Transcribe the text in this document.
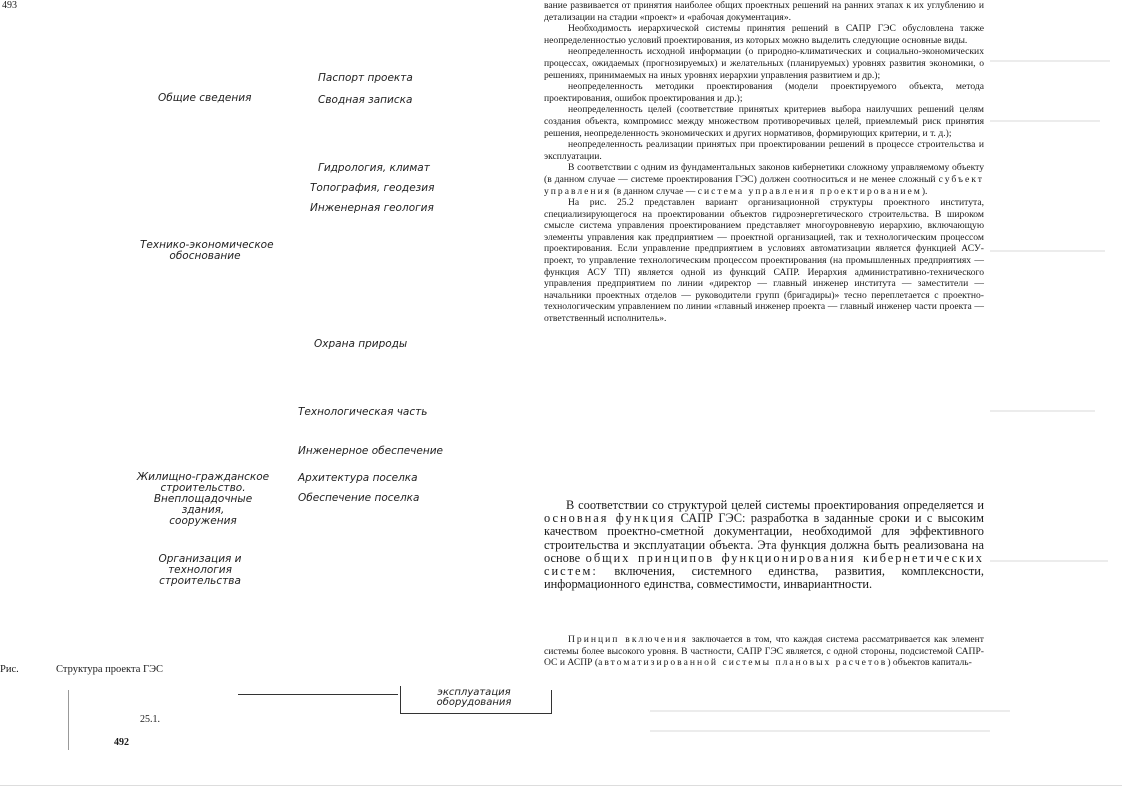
493
Общие сведения
Паспорт проекта
Сводная записка
Гидрология, климат
Топография, геодезия
Инженерная геология
Технико-экономическое
обоснование
Охрана природы
Технологическая часть
Инженерное обеспечение
Жилищно-гражданское
строительство.
Внеплощадочные
здания,
сооружения
Архитектура поселка
Обеспечение поселка
Организация и
технология
строительства
Рис.	Структура проекта ГЭС
эксплуатация
оборудования
25.1.
492

вание развивается от принятия наиболее общих проектных решений на ранних этапах к их углублению и детализации на стадии «проект» и «рабочая документация».

Необходимость иерархической системы принятия решений в САПР ГЭС обусловлена также неопределенностью условий проектирования, из которых можно выделить следующие основные виды.

неопределенность исходной информации (о природно-климатических и социально-экономических процессах, ожидаемых (прогнозируемых) и желательных (планируемых) уровнях развития экономики, о решениях, принимаемых на иных уровнях иерархии управления развитием и др.);

неопределенность методики проектирования (модели проектируемого объекта, метода проектирования, ошибок проектирования и др.);

неопределенность целей (соответствие принятых критериев выбора наилучших решений целям создания объекта, компромисс между множеством противоречивых целей, приемлемый риск принятия решения, неопределенность экономических и других нормативов, формирующих критерии, и т. д.);

неопределенность реализации принятых при проектировании решений в процессе строительства и эксплуатации.

В соответствии с одним из фундаментальных законов кибернетики сложному управляемому объекту (в данном случае — системе проектирования ГЭС) должен соотноситься и не менее сложный субъект управления (в данном случае — система управления проектированием).

На рис. 25.2 представлен вариант организационной структуры проектного института, специализирующегося на проектировании объектов гидроэнергетического строительства. В широком смысле система управления проектированием представляет многоуровневую иерархию, включающую элементы управления как предприятием — проектной организацией, так и технологическим процессом проектирования. Если управление предприятием в условиях автоматизации является функцией АСУ-проект, то управление технологическим процессом проектирования (на промышленных предприятиях — функция АСУ ТП) является одной из функций САПР. Иерархия административно-технического управления предприятием по линии «директор — главный инженер института — заместители — начальники проектных отделов — руководители групп (бригадиры)» тесно переплетается с проектно-технологическим управлением по линии «главный инженер проекта — главный инженер части проекта — ответственный исполнитель».

В соответствии со структурой целей системы проектирования определяется и основная функция САПР ГЭС: разработка в заданные сроки и с высоким качеством проектно-сметной документации, необходимой для эффективного строительства и эксплуатации объекта. Эта функция должна быть реализована на основе общих принципов функционирования кибернетических систем: включения, системного единства, развития, комплексности, информационного единства, совместимости, инвариантности.

Принцип включения заключается в том, что каждая система рассматривается как элемент системы более высокого уровня. В частности, САПР ГЭС является, с одной стороны, подсистемой САПР-ОС и АСПР (автоматизированной системы плановых расчетов) объектов капиталь-
